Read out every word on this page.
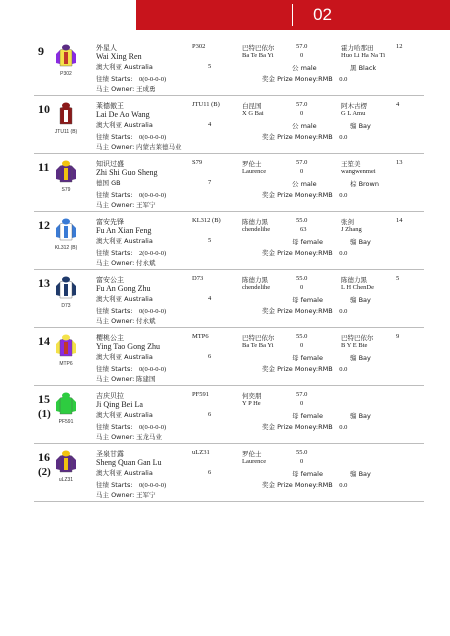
02
9
P302
外星人
Wai Xing Ren
澳大利亚 Australia
往绩 Starts: 0(0-0-0-0)
马主 Owner: 王成勇
P302
5
巴特巴依尔
Ba Te Ba Yi
57.0
0
公 male
奖金 Prize Money:RMB 0.0
霍力哈那田
Huo Li Ha Na Ti
黑 Black
12
10
JTU11 (B)
莱德傲王
Lai De Ao Wang
澳大利亚 Australia
往绩 Starts: 0(0-0-0-0)
马主 Owner: 内蒙古莱德马业
JTU11 (B)
4
白昆国
X G Bai
57.0
0
公 male
奖金 Prize Money:RMB 0.0
阿木古楞
G L Amu
骝 Bay
4
11
S79
知识过盛
Zhi Shi Guo Sheng
德国 GB
往绩 Starts: 0(0-0-0-0)
马主 Owner: 王军宁
S79
7
罗伦士
Laurence
57.0
0
公 male
奖金 Prize Money:RMB 0.0
王笙美
wangwenmei
棕 Brown
13
12
KL312 (B)
富安先锋
Fu An Xian Feng
澳大利亚 Australia
往绩 Starts: 2(0-0-0-0)
马主 Owner: 付永斌
KL312 (B)
5
陈德力黑
chendelihe
55.0
63
母 female
奖金 Prize Money:RMB 0.0
张剑
J Zhang
骝 Bay
14
13
D73
富安公主
Fu An Gong Zhu
澳大利亚 Australia
往绩 Starts: 0(0-0-0-0)
马主 Owner: 付永斌
D73
4
陈德力黑
chendelihe
55.0
0
母 female
奖金 Prize Money:RMB 0.0
陈德力黑
L H ChenDe
骝 Bay
5
14
MTP6
樱桃公主
Ying Tao Gong Zhu
澳大利亚 Australia
往绩 Starts: 0(0-0-0-0)
马主 Owner: 陈建国
MTP6
6
巴特巴依尔
Ba Te Ba Yi
55.0
0
母 female
奖金 Prize Money:RMB 0.0
巴特巴依尔
B Y E Bte
骝 Bay
9
15
(1)
PF591
吉庆贝拉
Ji Qing Bei La
澳大利亚 Australia
往绩 Starts: 0(0-0-0-0)
马主 Owner: 玉龙马业
PF591
6
何奕朋
Y P He
57.0
0
母 female
奖金 Prize Money:RMB 0.0
骝 Bay
16
(2)
uLZ31
圣泉甘露
Sheng Quan Gan Lu
澳大利亚 Australia
往绩 Starts: 0(0-0-0-0)
马主 Owner: 王军宁
uLZ31
6
罗伦士
Laurence
55.0
0
母 female
奖金 Prize Money:RMB 0.0
骝 Bay
